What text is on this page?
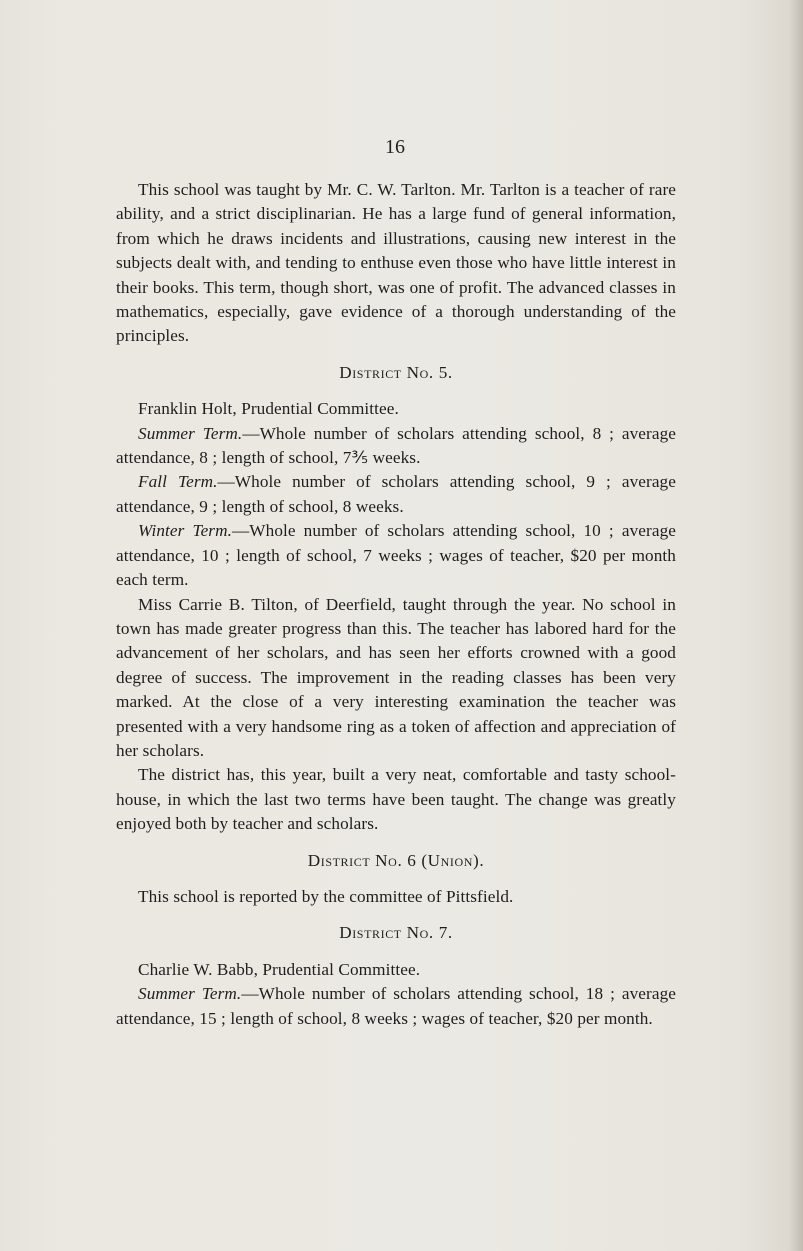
16

This school was taught by Mr. C. W. Tarlton. Mr. Tarlton is a teacher of rare ability, and a strict disciplinarian. He has a large fund of general information, from which he draws incidents and illustrations, causing new interest in the subjects dealt with, and tending to enthuse even those who have little interest in their books. This term, though short, was one of profit. The advanced classes in mathematics, especially, gave evidence of a thorough understanding of the principles.

District No. 5.

Franklin Holt, Prudential Committee.

Summer Term.—Whole number of scholars attending school, 8 ; average attendance, 8 ; length of school, 7⅗ weeks.

Fall Term.—Whole number of scholars attending school, 9 ; average attendance, 9 ; length of school, 8 weeks.

Winter Term.—Whole number of scholars attending school, 10 ; average attendance, 10 ; length of school, 7 weeks ; wages of teacher, $20 per month each term.

Miss Carrie B. Tilton, of Deerfield, taught through the year. No school in town has made greater progress than this. The teacher has labored hard for the advancement of her scholars, and has seen her efforts crowned with a good degree of success. The improvement in the reading classes has been very marked. At the close of a very interesting examination the teacher was presented with a very handsome ring as a token of affection and appreciation of her scholars.

The district has, this year, built a very neat, comfortable and tasty school-house, in which the last two terms have been taught. The change was greatly enjoyed both by teacher and scholars.

District No. 6 (Union).

This school is reported by the committee of Pittsfield.

District No. 7.

Charlie W. Babb, Prudential Committee.

Summer Term.—Whole number of scholars attending school, 18 ; average attendance, 15 ; length of school, 8 weeks ; wages of teacher, $20 per month.
